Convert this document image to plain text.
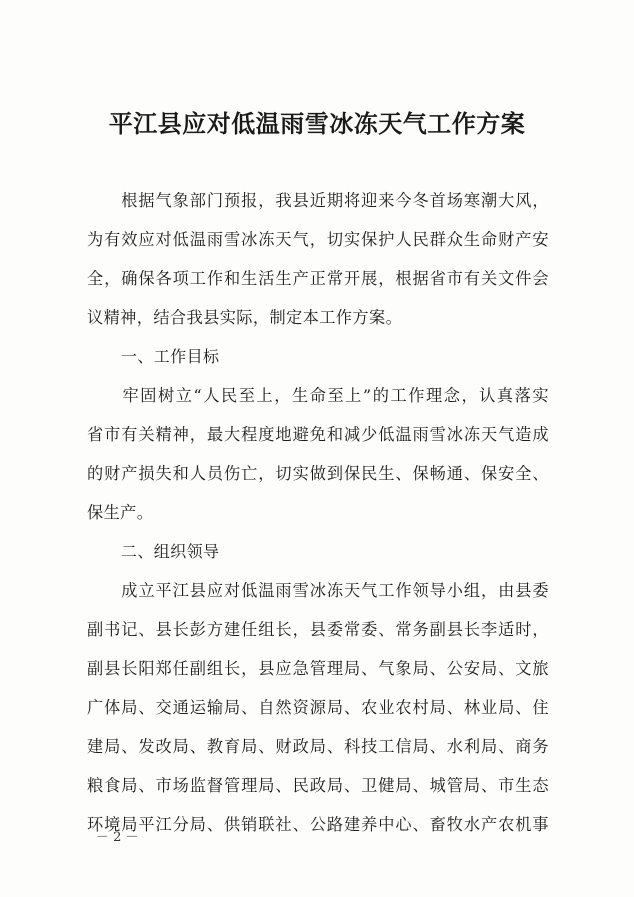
平江县应对低温雨雪冰冻天气工作方案
　　根据气象部门预报，我县近期将迎来今冬首场寒潮大风，
为有效应对低温雨雪冰冻天气，切实保护人民群众生命财产安
全，确保各项工作和生活生产正常开展，根据省市有关文件会
议精神，结合我县实际，制定本工作方案。
一、工作目标
　　牢固树立“人民至上，生命至上”的工作理念，认真落实
省市有关精神，最大程度地避免和减少低温雨雪冰冻天气造成
的财产损失和人员伤亡，切实做到保民生、保畅通、保安全、
保生产。
二、组织领导
　　成立平江县应对低温雨雪冰冻天气工作领导小组，由县委
副书记、县长彭方建任组长，县委常委、常务副县长李适时，
副县长阳郑任副组长，县应急管理局、气象局、公安局、文旅
广体局、交通运输局、自然资源局、农业农村局、林业局、住
建局、发改局、教育局、财政局、科技工信局、水利局、商务
粮食局、市场监督管理局、民政局、卫健局、城管局、市生态
环境局平江分局、供销联社、公路建养中心、畜牧水产农机事
－ 2 －
